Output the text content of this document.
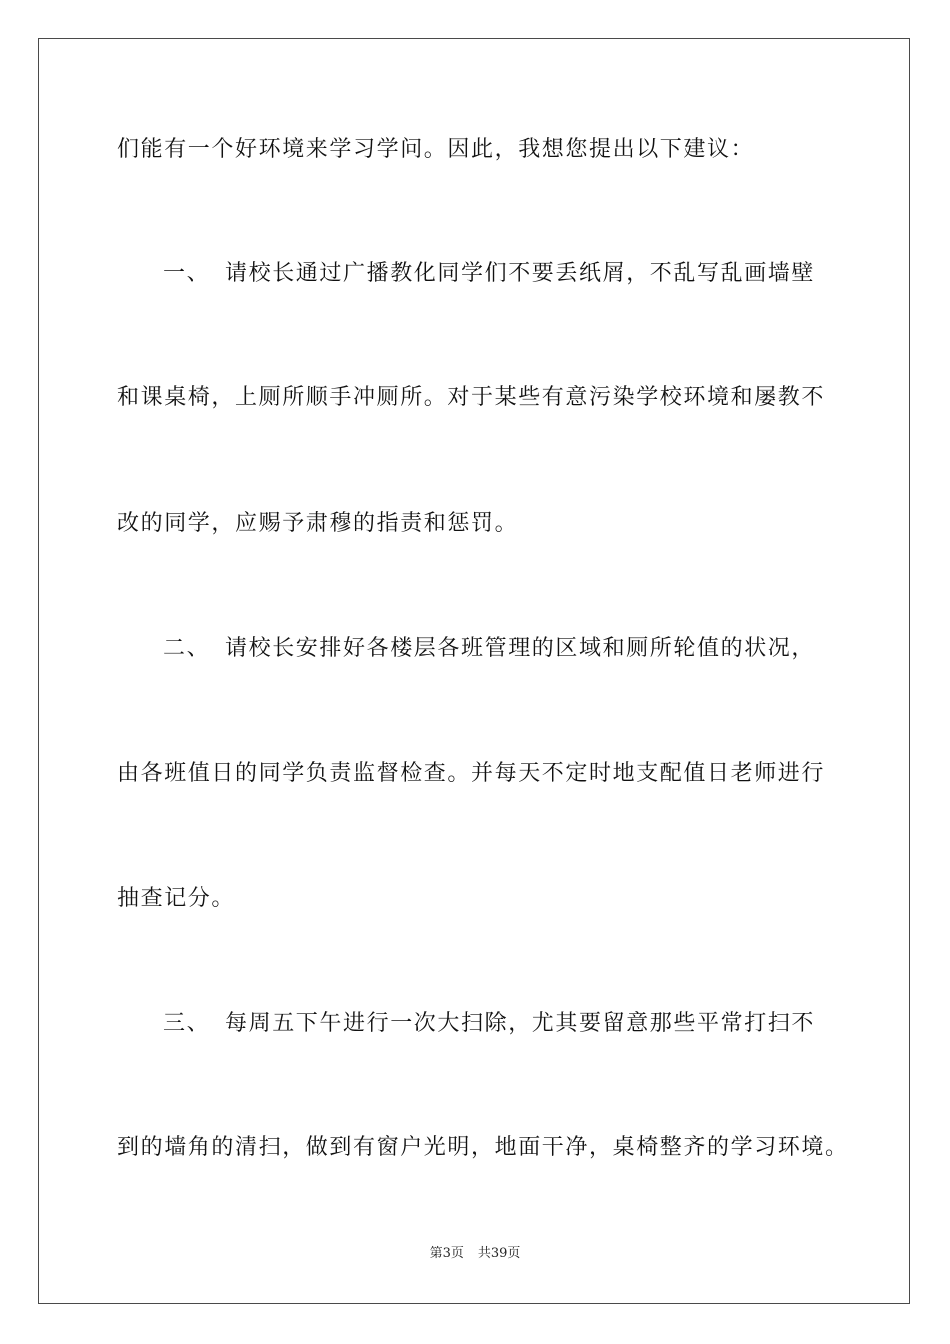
们能有一个好环境来学习学问。因此，我想您提出以下建议：

一、 请校长通过广播教化同学们不要丢纸屑，不乱写乱画墙壁

和课桌椅，上厕所顺手冲厕所。对于某些有意污染学校环境和屡教不

改的同学，应赐予肃穆的指责和惩罚。

二、 请校长安排好各楼层各班管理的区域和厕所轮值的状况，

由各班值日的同学负责监督检查。并每天不定时地支配值日老师进行

抽查记分。

三、 每周五下午进行一次大扫除，尤其要留意那些平常打扫不

到的墙角的清扫，做到有窗户光明，地面干净，桌椅整齐的学习环境。

第3页 共39页
